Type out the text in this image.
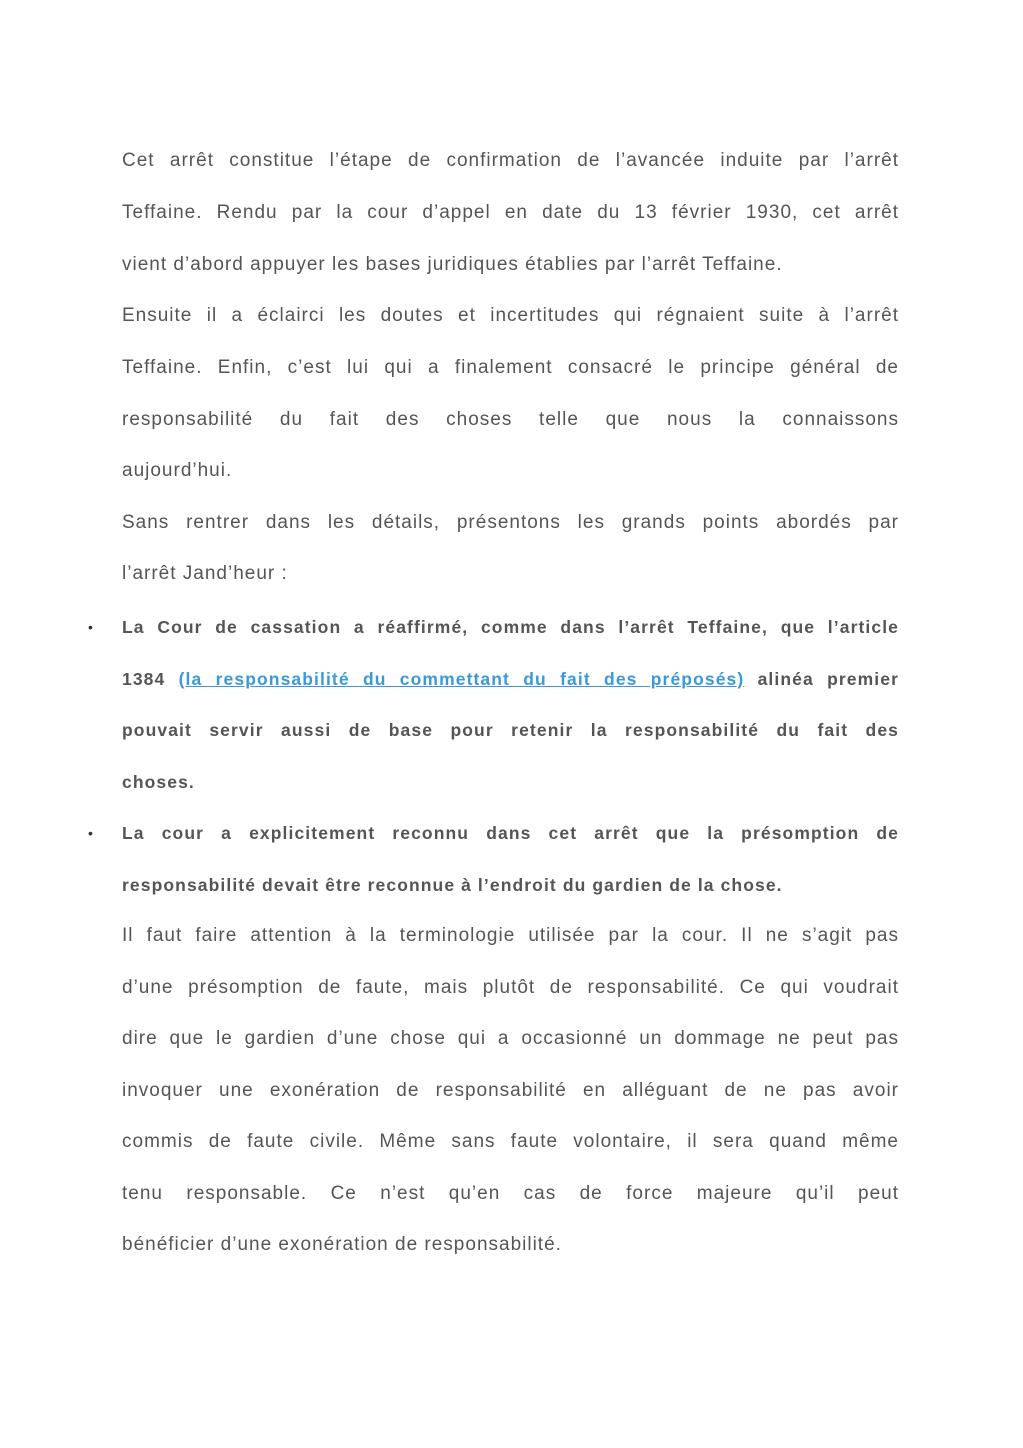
Cet arrêt constitue l’étape de confirmation de l’avancée induite par l’arrêt
Teffaine. Rendu par la cour d’appel en date du 13 février 1930, cet arrêt
vient d’abord appuyer les bases juridiques établies par l’arrêt Teffaine.
Ensuite il a éclairci les doutes et incertitudes qui régnaient suite à l’arrêt
Teffaine. Enfin, c’est lui qui a finalement consacré le principe général de
responsabilité du fait des choses telle que nous la connaissons
aujourd’hui.
Sans rentrer dans les détails, présentons les grands points abordés par
l’arrêt Jand’heur :
•	La Cour de cassation a réaffirmé, comme dans l’arrêt Teffaine, que l’article
1384 (la responsabilité du commettant du fait des préposés) alinéa premier
pouvait servir aussi de base pour retenir la responsabilité du fait des
choses.
•	La cour a explicitement reconnu dans cet arrêt que la présomption de
responsabilité devait être reconnue à l’endroit du gardien de la chose.
Il faut faire attention à la terminologie utilisée par la cour. Il ne s’agit pas
d’une présomption de faute, mais plutôt de responsabilité. Ce qui voudrait
dire que le gardien d’une chose qui a occasionné un dommage ne peut pas
invoquer une exonération de responsabilité en alléguant de ne pas avoir
commis de faute civile. Même sans faute volontaire, il sera quand même
tenu responsable. Ce n’est qu’en cas de force majeure qu’il peut
bénéficier d’une exonération de responsabilité.
